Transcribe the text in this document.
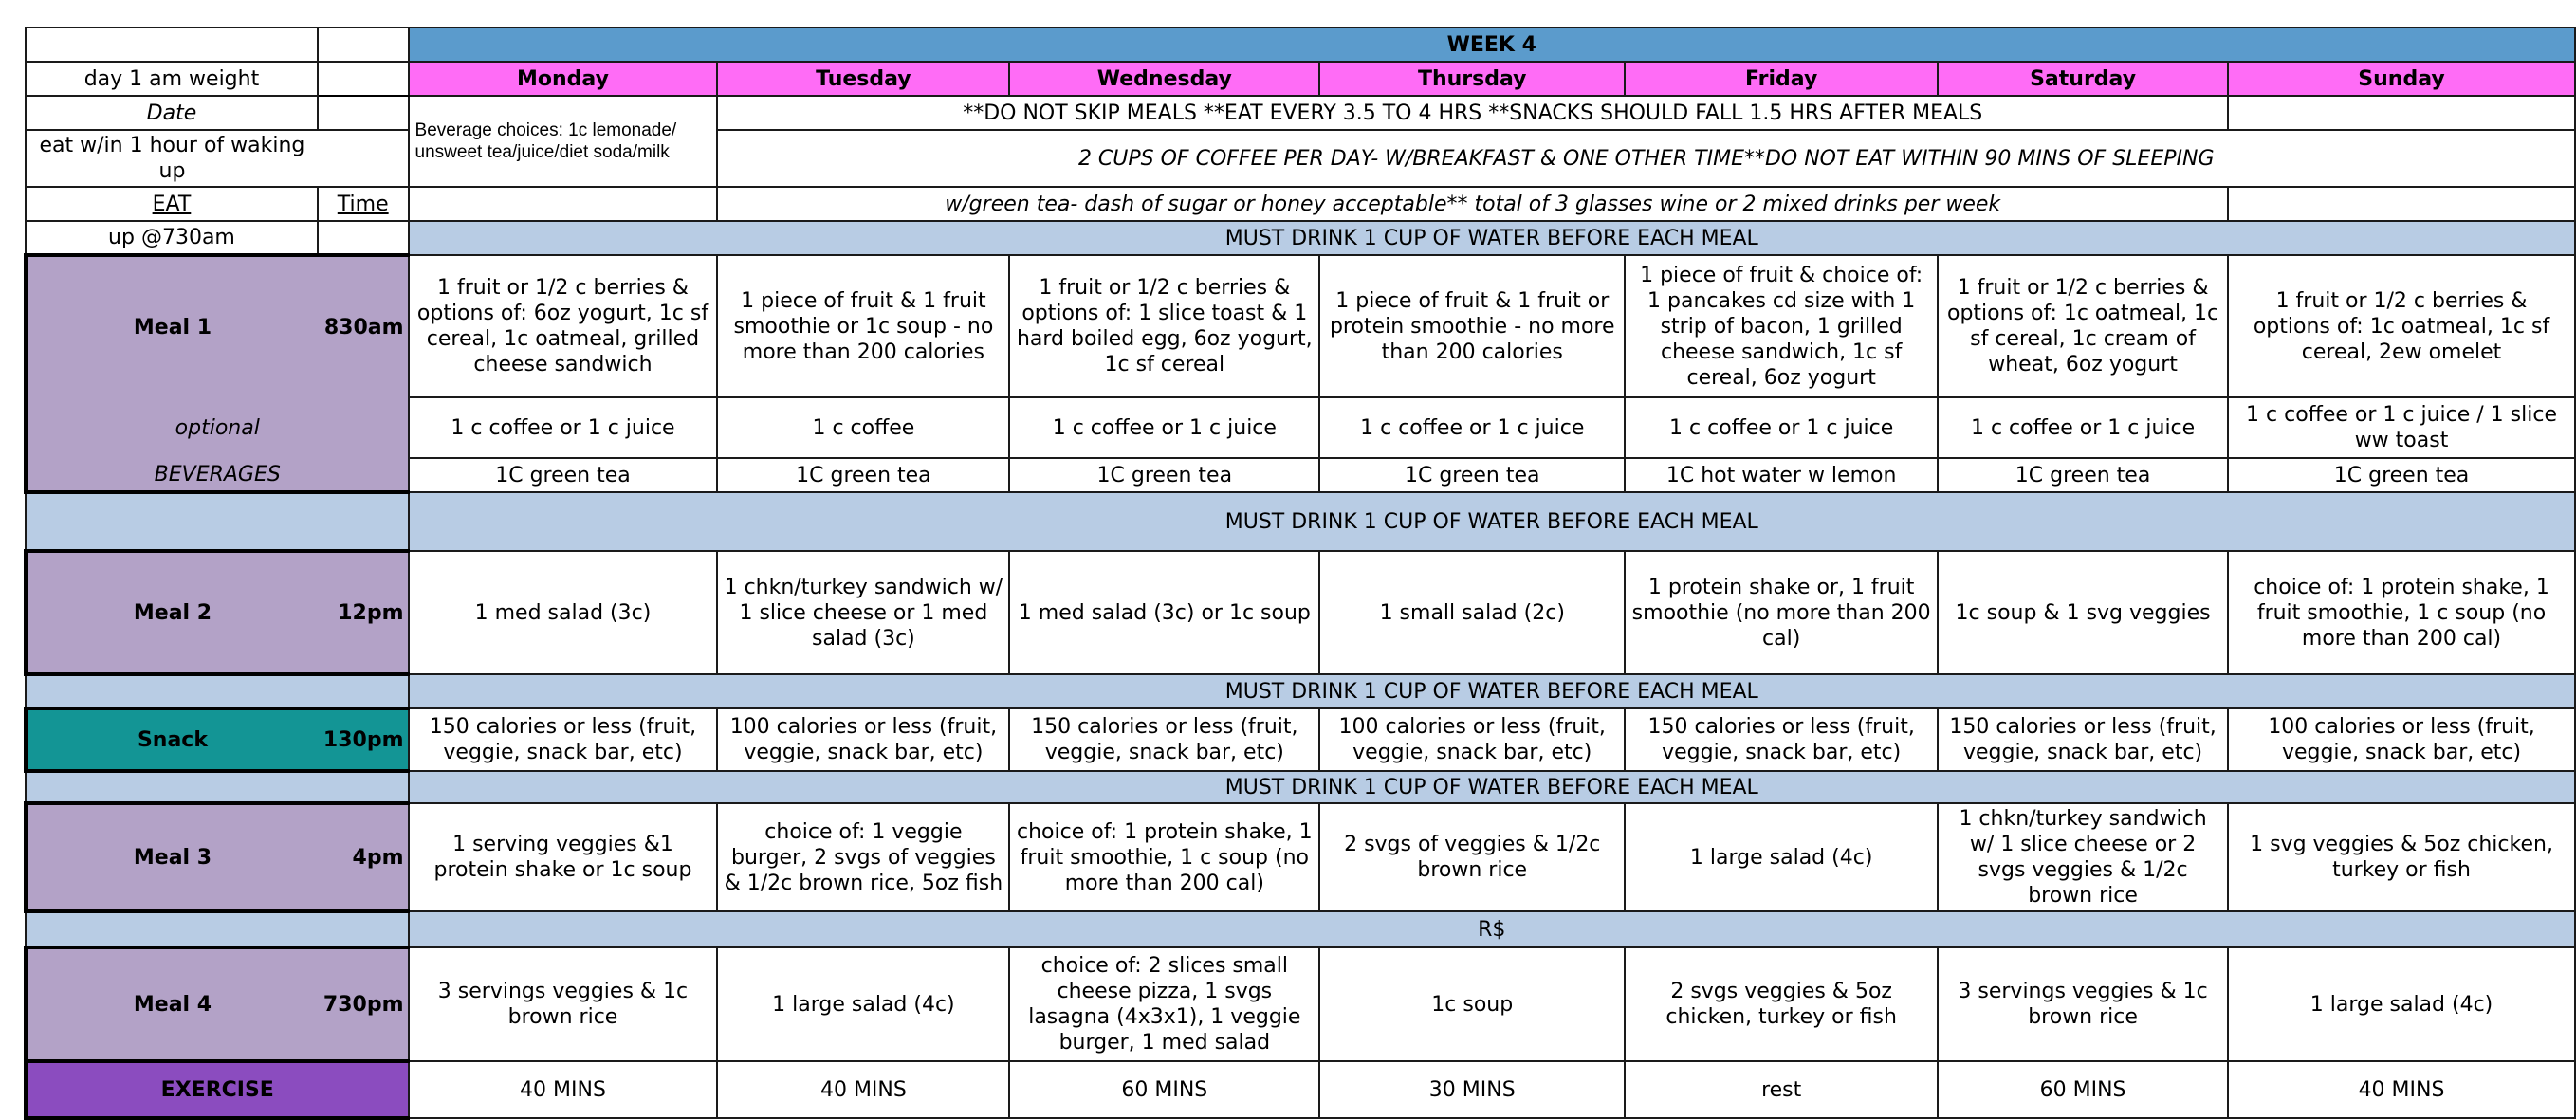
		WEEK 4						
day 1 am weight		Monday	Tuesday	Wednesday	Thursday	Friday	Saturday	Sunday
Date		Beverage choices: 1c lemonade/ unsweet tea/juice/diet soda/milk	**DO NOT SKIP MEALS **EAT EVERY 3.5 TO 4 HRS **SNACKS SHOULD FALL 1.5 HRS AFTER MEALS					
eat w/in 1 hour of waking up			2 CUPS OF COFFEE PER DAY- W/BREAKFAST & ONE OTHER TIME**DO NOT EAT WITHIN 90 MINS OF SLEEPING					
EAT	Time		w/green tea- dash of sugar or honey acceptable** total of 3 glasses wine or 2 mixed drinks per week					
up @730am		MUST DRINK 1 CUP OF WATER BEFORE EACH MEAL						
Meal 1	830am	1 fruit or 1/2 c berries & options of: 6oz yogurt, 1c sf cereal, 1c oatmeal, grilled cheese sandwich	1 piece of fruit & 1 fruit smoothie or 1c soup - no more than 200 calories	1 fruit or 1/2 c berries & options of: 1 slice toast & 1 hard boiled egg, 6oz yogurt, 1c sf cereal	1 piece of fruit & 1 fruit or protein smoothie - no more than 200 calories	1 piece of fruit & choice of: 1 pancakes cd size with 1 strip of bacon, 1 grilled cheese sandwich, 1c sf cereal, 6oz yogurt	1 fruit or 1/2 c berries & options of: 1c oatmeal, 1c sf cereal, 1c cream of wheat, 6oz yogurt	1 fruit or 1/2 c berries & options of: 1c oatmeal, 1c sf cereal, 2ew omelet
optional		1 c coffee or 1 c juice	1 c coffee	1 c coffee or 1 c juice	1 c coffee or 1 c juice	1 c coffee or 1 c juice	1 c coffee or 1 c juice	1 c coffee or 1 c juice / 1 slice ww toast
BEVERAGES		1C green tea	1C green tea	1C green tea	1C green tea	1C hot water w lemon	1C green tea	1C green tea
		MUST DRINK 1 CUP OF WATER BEFORE EACH MEAL						
Meal 2	12pm	1 med salad (3c)	1 chkn/turkey sandwich w/ 1 slice cheese or 1 med salad (3c)	1 med salad (3c) or 1c soup	1 small salad (2c)	1 protein shake or, 1 fruit smoothie (no more than 200 cal)	1c soup & 1 svg veggies	choice of: 1 protein shake, 1 fruit smoothie, 1 c soup (no more than 200 cal)
		MUST DRINK 1 CUP OF WATER BEFORE EACH MEAL						
Snack	130pm	150 calories or less (fruit, veggie, snack bar, etc)	100 calories or less (fruit, veggie, snack bar, etc)	150 calories or less (fruit, veggie, snack bar, etc)	100 calories or less (fruit, veggie, snack bar, etc)	150 calories or less (fruit, veggie, snack bar, etc)	150 calories or less (fruit, veggie, snack bar, etc)	100 calories or less (fruit, veggie, snack bar, etc)
		MUST DRINK 1 CUP OF WATER BEFORE EACH MEAL						
Meal 3	4pm	1 serving veggies &1 protein shake or 1c soup	choice of: 1 veggie burger, 2 svgs of veggies & 1/2c brown rice, 5oz fish	choice of: 1 protein shake, 1 fruit smoothie, 1 c soup (no more than 200 cal)	2 svgs of veggies & 1/2c brown rice	1 large salad (4c)	1 chkn/turkey sandwich w/ 1 slice cheese or 2 svgs veggies & 1/2c brown rice	1 svg veggies & 5oz chicken, turkey or fish
		R$						
Meal 4	730pm	3 servings veggies & 1c brown rice	1 large salad (4c)	choice of: 2 slices small cheese pizza, 1 svgs lasagna (4x3x1), 1 veggie burger, 1 med salad	1c soup	2 svgs veggies & 5oz chicken, turkey or fish	3 servings veggies & 1c brown rice	1 large salad (4c)
EXERCISE		40 MINS	40 MINS	60 MINS	30 MINS	rest	60 MINS	40 MINS
